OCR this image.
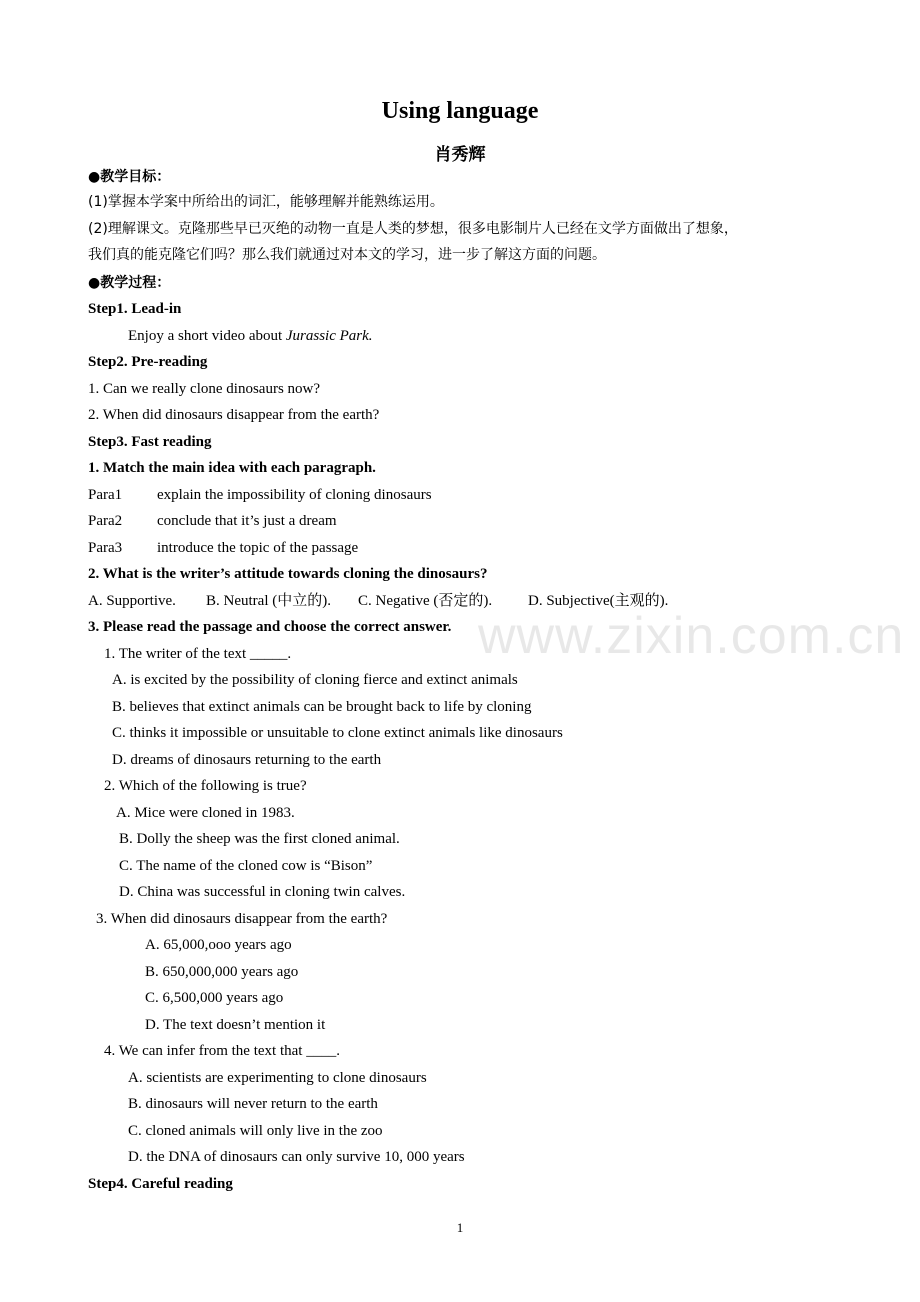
Using language
肖秀辉
●教学目标：
(1)掌握本学案中所给出的词汇，能够理解并能熟练运用。
(2)理解课文。克隆那些早已灭绝的动物一直是人类的梦想，很多电影制片人已经在文学方面做出了想象，
我们真的能克隆它们吗？那么我们就通过对本文的学习，进一步了解这方面的问题。
●教学过程：
Step1. Lead-in
Enjoy a short video about Jurassic Park.
Step2. Pre-reading
1. Can we really clone dinosaurs now?
2. When did dinosaurs disappear from the earth?
Step3. Fast reading
1. Match the main idea with each paragraph.
Para1 explain the impossibility of cloning dinosaurs
Para2 conclude that it’s just a dream
Para3 introduce the topic of the passage
2. What is the writer’s attitude towards cloning the dinosaurs?
A. Supportive. B. Neutral (中立的). C. Negative (否定的). D. Subjective(主观的).
3. Please read the passage and choose the correct answer.
1. The writer of the text _____.
A. is excited by the possibility of cloning fierce and extinct animals
B. believes that extinct animals can be brought back to life by cloning
C. thinks it impossible or unsuitable to clone extinct animals like dinosaurs
D. dreams of dinosaurs returning to the earth
2. Which of the following is true?
A. Mice were cloned in 1983.
B. Dolly the sheep was the first cloned animal.
C. The name of the cloned cow is “Bison”
D. China was successful in cloning twin calves.
3. When did dinosaurs disappear from the earth?
A. 65,000,ooo years ago
B. 650,000,000 years ago
C. 6,500,000 years ago
D. The text doesn’t mention it
4. We can infer from the text that ____.
A. scientists are experimenting to clone dinosaurs
B. dinosaurs will never return to the earth
C. cloned animals will only live in the zoo
D. the DNA of dinosaurs can only survive 10, 000 years
Step4. Careful reading
www.zixin.com.cn
1
